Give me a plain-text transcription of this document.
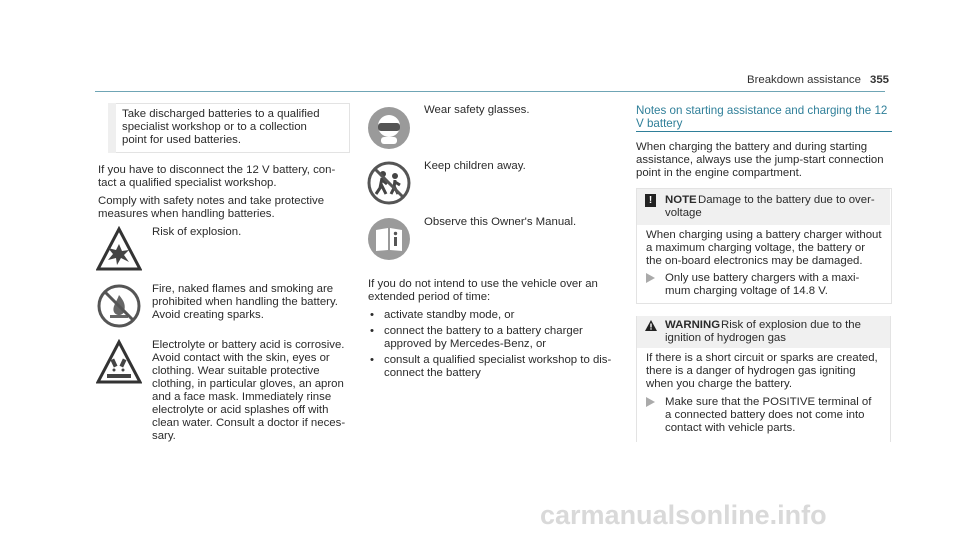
Breakdown assistance 355
Take discharged batteries to a qualified
specialist workshop or to a collection
point for used batteries.
If you have to disconnect the 12 V battery, con-
tact a qualified specialist workshop.
Comply with safety notes and take protective
measures when handling batteries.
Risk of explosion.
Fire, naked flames and smoking are
prohibited when handling the battery.
Avoid creating sparks.
Electrolyte or battery acid is corrosive.
Avoid contact with the skin, eyes or
clothing. Wear suitable protective
clothing, in particular gloves, an apron
and a face mask. Immediately rinse
electrolyte or acid splashes off with
clean water. Consult a doctor if neces-
sary.
Wear safety glasses.
Keep children away.
Observe this Owner's Manual.
If you do not intend to use the vehicle over an
extended period of time:
• activate standby mode, or
• connect the battery to a battery charger
approved by Mercedes-Benz, or
• consult a qualified specialist workshop to dis-
connect the battery
Notes on starting assistance and charging the 12
V battery
When charging the battery and during starting
assistance, always use the jump-start connection
point in the engine compartment.
!	NOTE Damage to the battery due to over-
voltage
When charging using a battery charger without
a maximum charging voltage, the battery or
the on-board electronics may be damaged.
Only use battery chargers with a maxi-
mum charging voltage of 14.8 V.
WARNING Risk of explosion due to the
ignition of hydrogen gas
If there is a short circuit or sparks are created,
there is a danger of hydrogen gas igniting
when you charge the battery.
Make sure that the POSITIVE terminal of
a connected battery does not come into
contact with vehicle parts.
carmanualsonline.info
